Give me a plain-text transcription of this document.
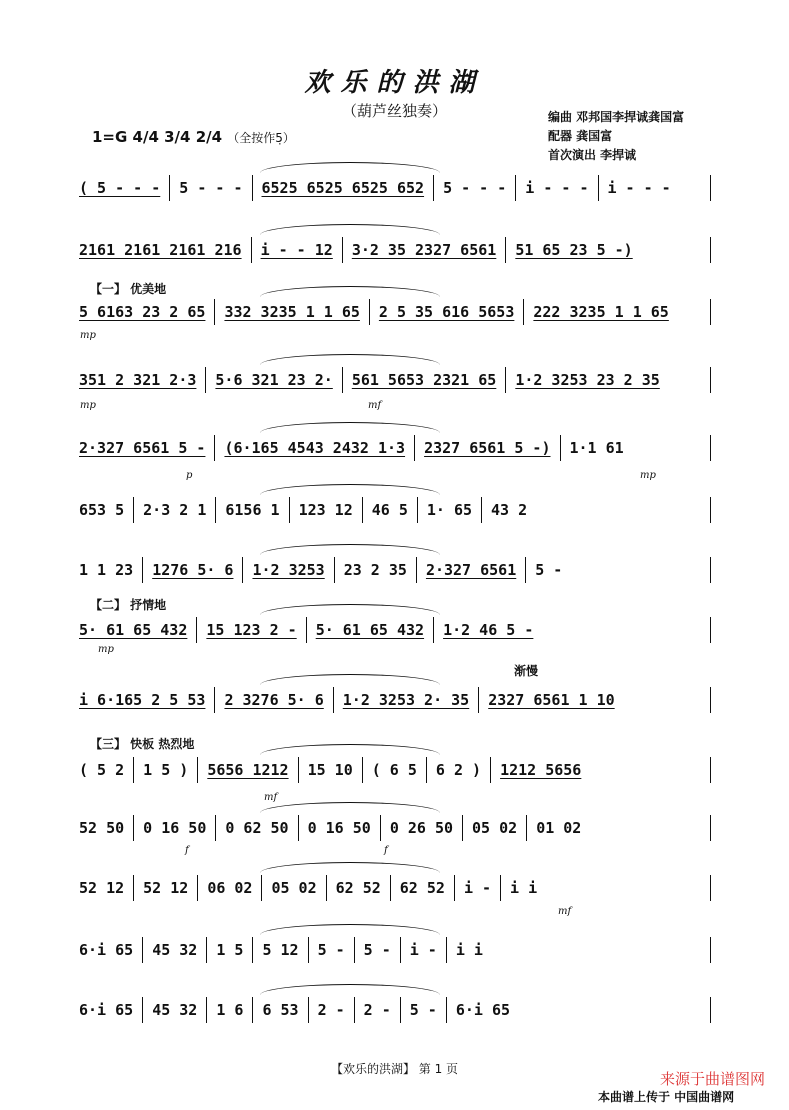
欢乐的洪湖
（葫芦丝独奏）	编曲 邓邦国李捍诚龚国富
配器 龚国富
首次演出 李捍诚
1=G 4/4 3/4 2/4 （全按作5̣）
【一】 优美地
【二】 抒情地
【三】 快板 热烈地
渐慢
( 5 - - - 5 - - - 6525 6525 6525 652 5 - - - i - - - i - - -
2161 2161 2161 216 i - - 12 3·2 35 2327 6561 51 65 23 5 -)
5 6163 23 2 65 332 3235 1 1 65 2 5 35 616 5653 222 3235 1 1 65
351 2 321 2·3 5·6 321 23 2· 561 5653 2321 65 1·2 3253 23 2 35
2·327 6561 5 - (6·165 4543 2432 1·3 2327 6561 5 -) 1·1 61
653 5 2·3 2 1 6156 1 123 12 46 5 1· 65 43 2
1 1 23 1276 5· 6 1·2 3253 23 2 35 2·327 6561 5 -
5· 61 65 432 15 123 2 - 5· 61 65 432 1·2 46 5 -
i 6·165 2 5 53 2 3276 5· 6 1·2 3253 2· 35 2327 6561 1 10
( 5 2 1 5 ) 5656 1212 15 10 ( 6 5 6 2 ) 1212 5656
52 50 0 16 50 0 62 50 0 16 50 0 26 50 05 02 01 02
52 12 52 12 06 02 05 02 62 52 62 52 i - i i
6·i 65 45 32 1 5 5 12 5 - 5 - i - i i
6·i 65 45 32 1 6 6 53 2 - 2 - 5 - 6·i 65
mp
mp	mf
p	mp
mp
mf
f	f
mf
【欢乐的洪湖】 第 1 页
来源于曲谱图网
本曲谱上传于 中国曲谱网
